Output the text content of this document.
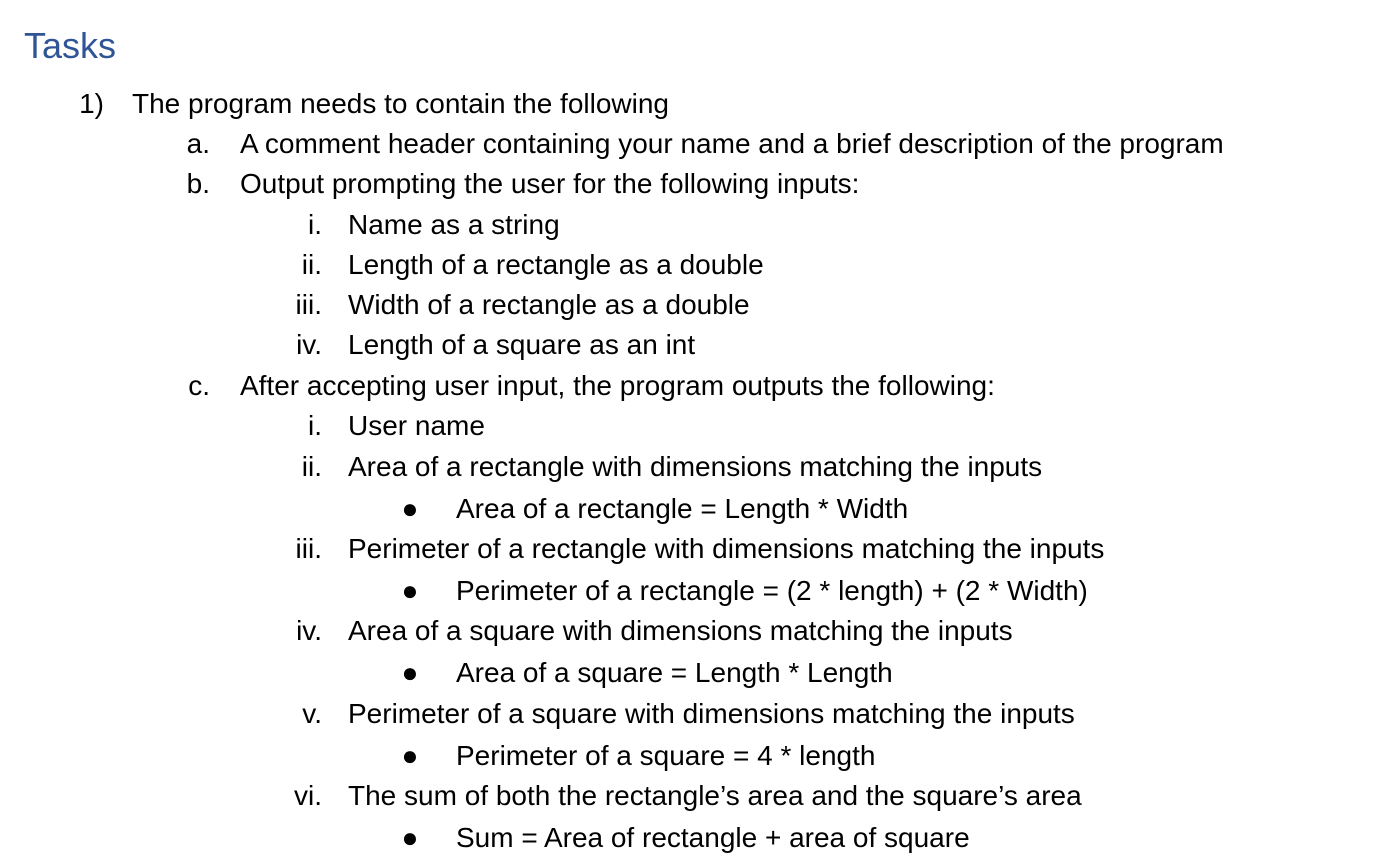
Tasks
1) The program needs to contain the following
a. A comment header containing your name and a brief description of the program
b. Output prompting the user for the following inputs:
i. Name as a string
ii. Length of a rectangle as a double
iii. Width of a rectangle as a double
iv. Length of a square as an int
c. After accepting user input, the program outputs the following:
i. User name
ii. Area of a rectangle with dimensions matching the inputs
●	Area of a rectangle = Length * Width
iii. Perimeter of a rectangle with dimensions matching the inputs
●	Perimeter of a rectangle = (2 * length) + (2 * Width)
iv. Area of a square with dimensions matching the inputs
●	Area of a square = Length * Length
v. Perimeter of a square with dimensions matching the inputs
●	Perimeter of a square = 4 * length
vi. The sum of both the rectangle’s area and the square’s area
●	Sum = Area of rectangle + area of square
